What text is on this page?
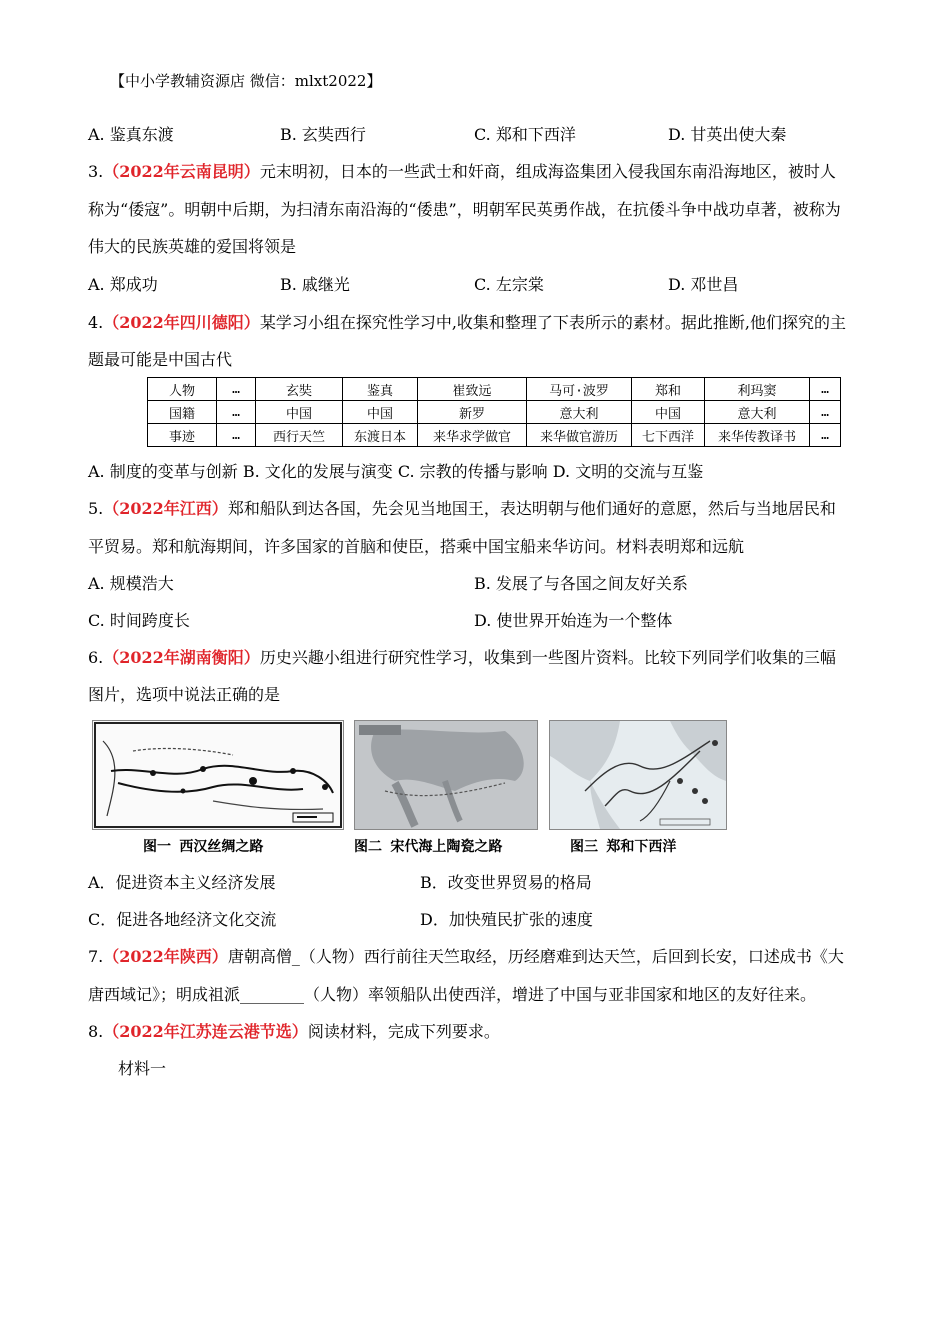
【中小学教辅资源店 微信：mlxt2022】
A. 鉴真东渡	B. 玄奘西行	C. 郑和下西洋	D. 甘英出使大秦
3.（2022年云南昆明）元末明初，日本的一些武士和奸商，组成海盗集团入侵我国东南沿海地区，被时人
称为“倭寇”。明朝中后期，为扫清东南沿海的“倭患”，明朝军民英勇作战，在抗倭斗争中战功卓著，被称为
伟大的民族英雄的爱国将领是
A. 郑成功	B. 戚继光	C. 左宗棠	D. 邓世昌
4.（2022年四川德阳）某学习小组在探究性学习中,收集和整理了下表所示的素材。据此推断,他们探究的主
题最可能是中国古代
人物	…	玄奘	鉴真	崔致远	马可·波罗	郑和	利玛窦	…
国籍	…	中国	中国	新罗	意大利	中国	意大利	…
事迹	…	西行天竺	东渡日本	来华求学做官	来华做官游历	七下西洋	来华传教译书	…
A. 制度的变革与创新 B. 文化的发展与演变 C. 宗教的传播与影响 D. 文明的交流与互鉴
5.（2022年江西）郑和船队到达各国，先会见当地国王，表达明朝与他们通好的意愿，然后与当地居民和
平贸易。郑和航海期间，许多国家的首脑和使臣，搭乘中国宝船来华访问。材料表明郑和远航
A. 规模浩大	B. 发展了与各国之间友好关系
C. 时间跨度长	D. 使世界开始连为一个整体
6.（2022年湖南衡阳）历史兴趣小组进行研究性学习，收集到一些图片资料。比较下列同学们收集的三幅
图片，选项中说法正确的是
图一 西汉丝绸之路	图二 宋代海上陶瓷之路	图三 郑和下西洋
A．促进资本主义经济发展	B．改变世界贸易的格局
C．促进各地经济文化交流	D．加快殖民扩张的速度
7.（2022年陕西）唐朝高僧_（人物）西行前往天竺取经，历经磨难到达天竺，后回到长安，口述成书《大
唐西域记》；明成祖派________（人物）率领船队出使西洋，增进了中国与亚非国家和地区的友好往来。
8.（2022年江苏连云港节选）阅读材料，完成下列要求。
材料一
